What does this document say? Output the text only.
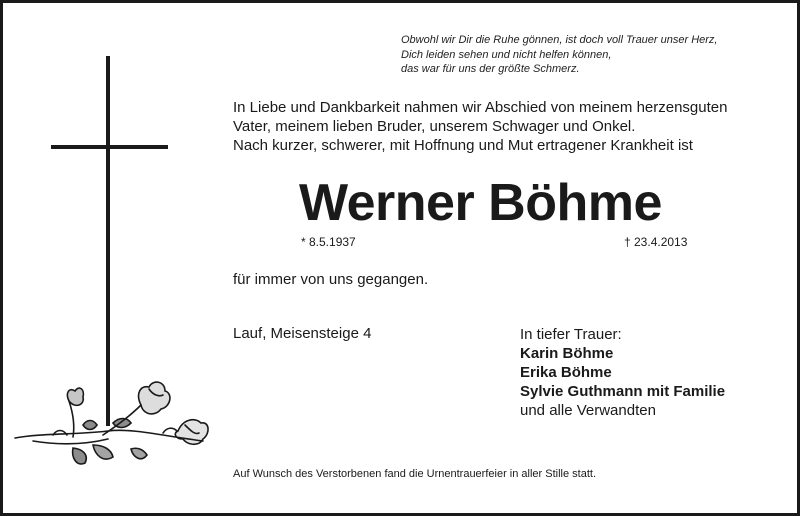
Obwohl wir Dir die Ruhe gönnen, ist doch voll Trauer unser Herz,
Dich leiden sehen und nicht helfen können,
das war für uns der größte Schmerz.
In Liebe und Dankbarkeit nahmen wir Abschied von meinem herzensguten
Vater, meinem lieben Bruder, unserem Schwager und Onkel.
Nach kurzer, schwerer, mit Hoffnung und Mut ertragener Krankheit ist
Werner Böhme
* 8.5.1937	† 23.4.2013
für immer von uns gegangen.
Lauf, Meisensteige 4	In tiefer Trauer:
Karin Böhme
Erika Böhme
Sylvie Guthmann mit Familie
und alle Verwandten
Auf Wunsch des Verstorbenen fand die Urnentrauerfeier in aller Stille statt.
